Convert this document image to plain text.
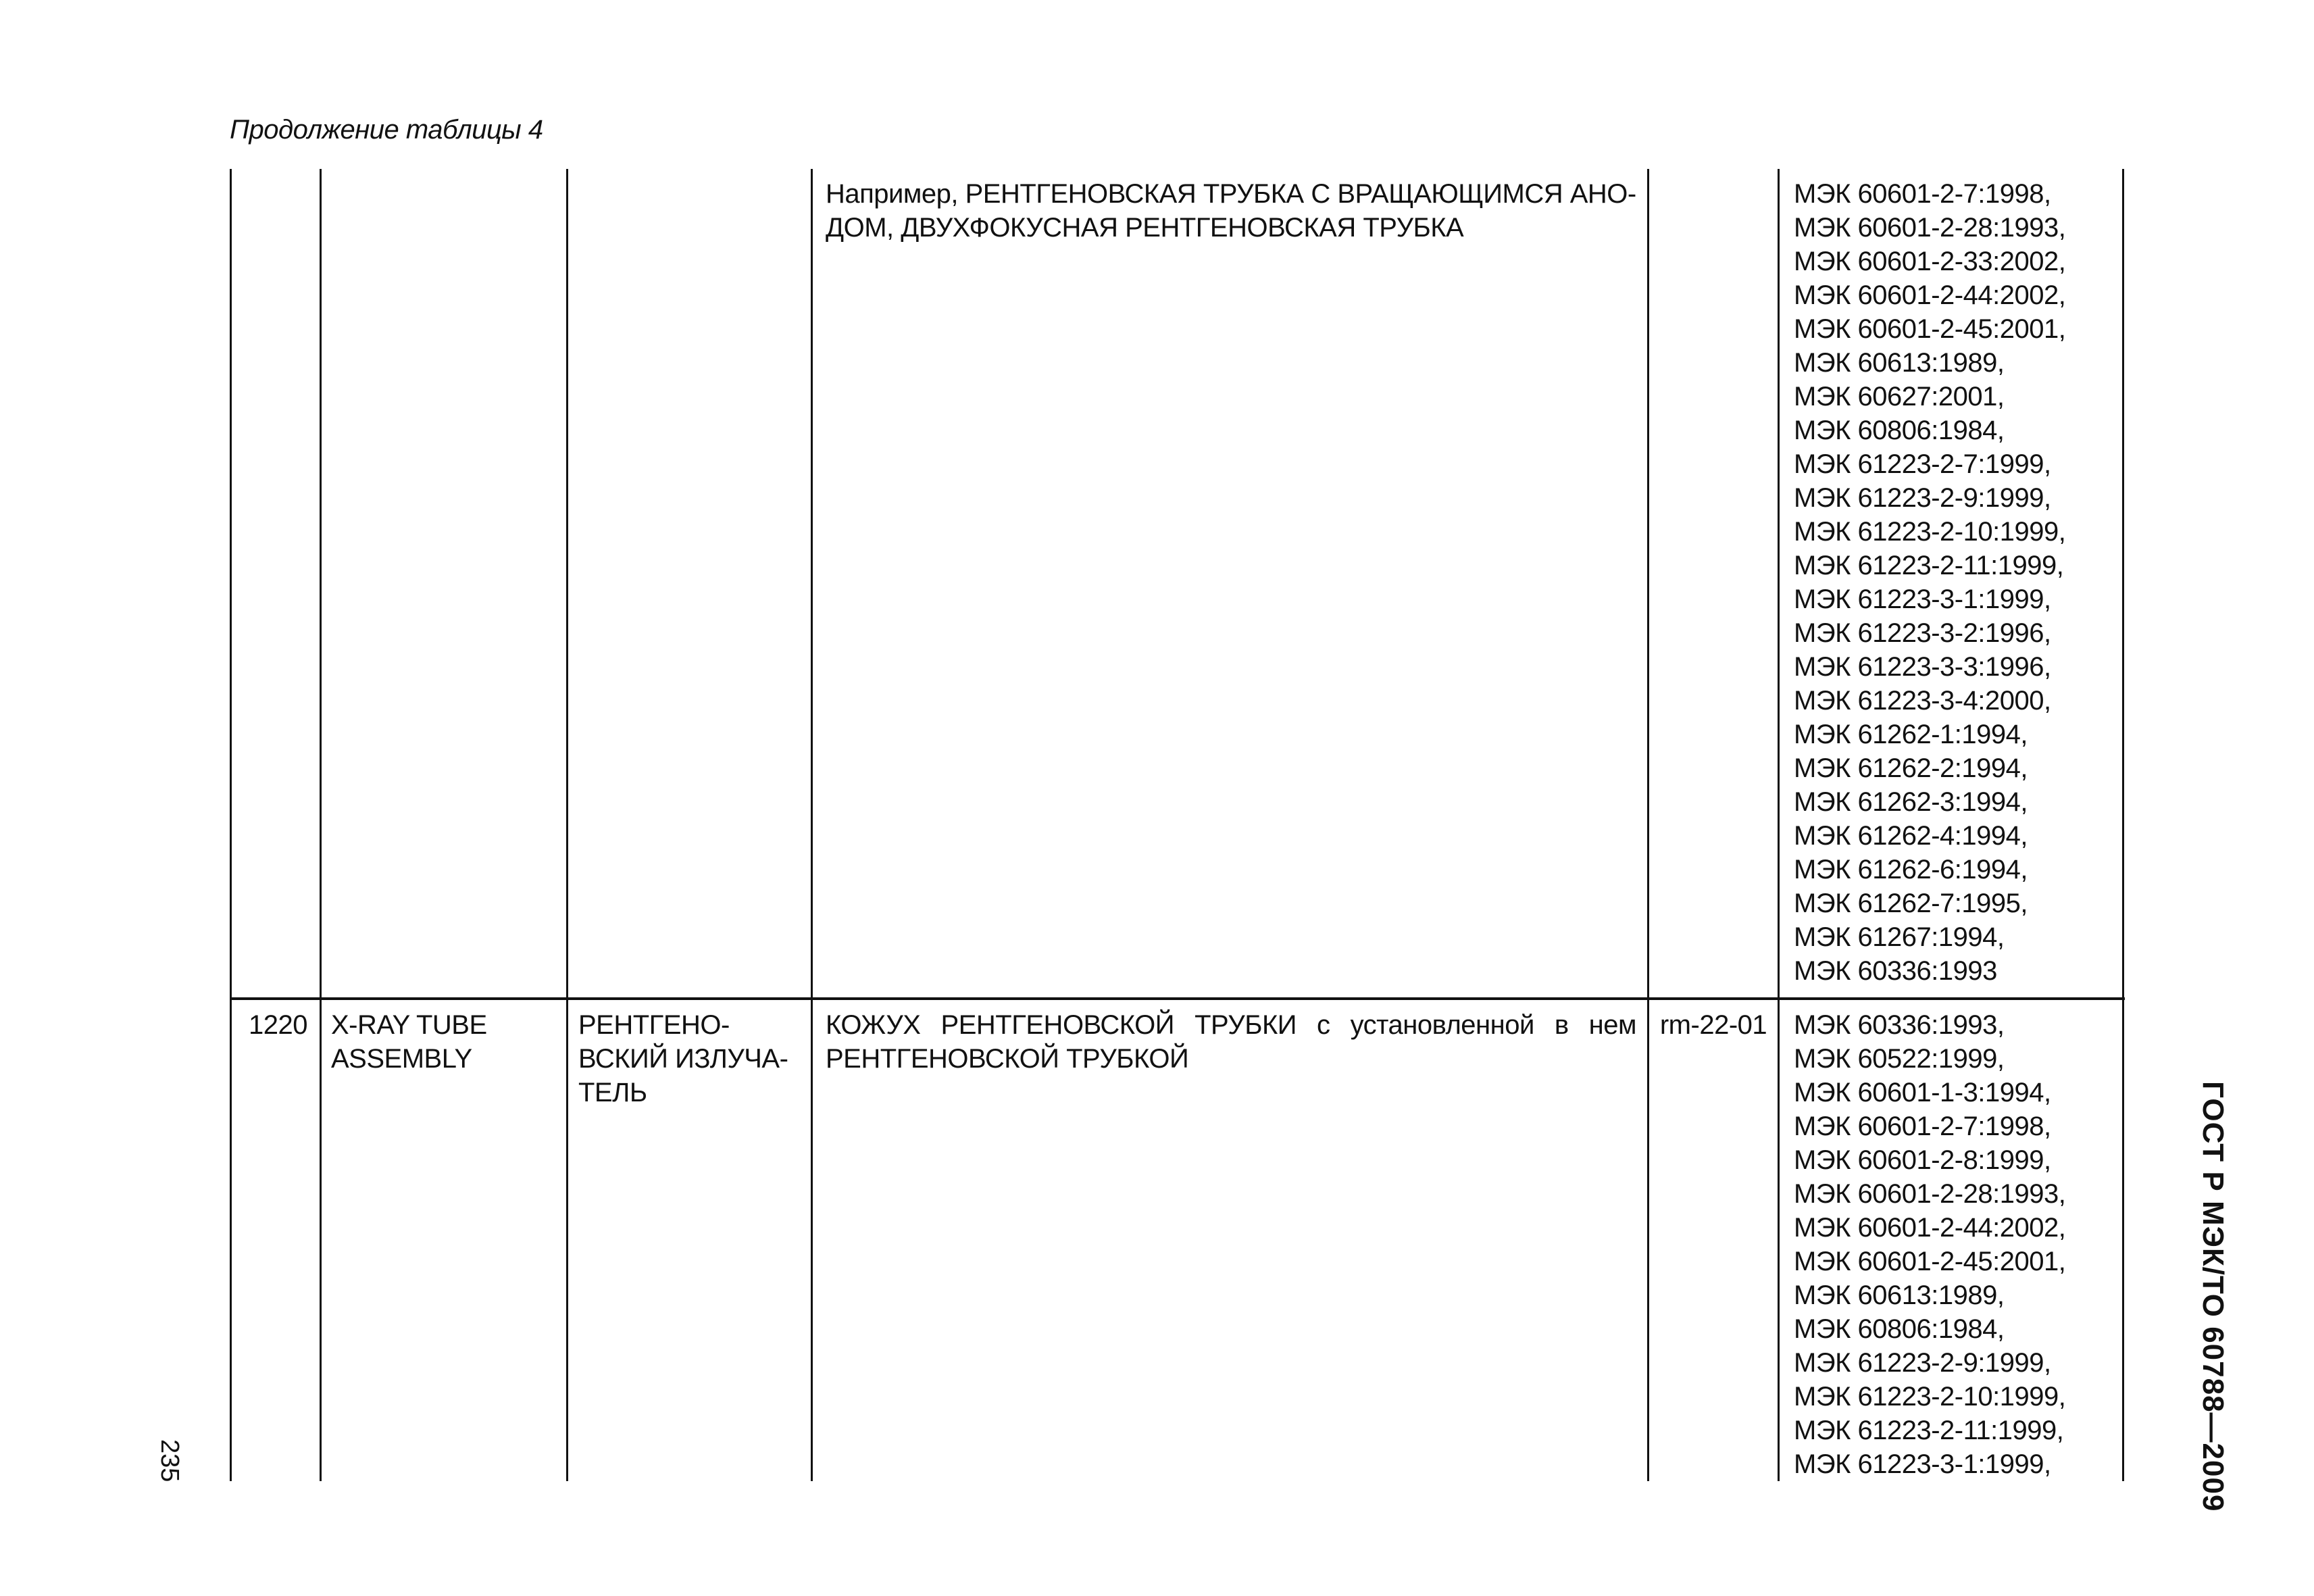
Продолжение таблицы 4
Например, РЕНТГЕНОВСКАЯ ТРУБКА С ВРАЩАЮЩИМСЯ АНО-
ДОМ, ДВУХФОКУСНАЯ РЕНТГЕНОВСКАЯ ТРУБКА
МЭК 60601-2-7:1998,
МЭК 60601-2-28:1993,
МЭК 60601-2-33:2002,
МЭК 60601-2-44:2002,
МЭК 60601-2-45:2001,
МЭК 60613:1989,
МЭК 60627:2001,
МЭК 60806:1984,
МЭК 61223-2-7:1999,
МЭК 61223-2-9:1999,
МЭК 61223-2-10:1999,
МЭК 61223-2-11:1999,
МЭК 61223-3-1:1999,
МЭК 61223-3-2:1996,
МЭК 61223-3-3:1996,
МЭК 61223-3-4:2000,
МЭК 61262-1:1994,
МЭК 61262-2:1994,
МЭК 61262-3:1994,
МЭК 61262-4:1994,
МЭК 61262-6:1994,
МЭК 61262-7:1995,
МЭК 61267:1994,
МЭК 60336:1993
1220 X-RAY TUBE
ASSEMBLY
РЕНТГЕНО-
ВСКИЙ ИЗЛУЧА-
ТЕЛЬ
КОЖУХ РЕНТГЕНОВСКОЙ ТРУБКИ с установленной в нем
РЕНТГЕНОВСКОЙ ТРУБКОЙ
rm-22-01 МЭК 60336:1993,
МЭК 60522:1999,
МЭК 60601-1-3:1994,
МЭК 60601-2-7:1998,
МЭК 60601-2-8:1999,
МЭК 60601-2-28:1993,
МЭК 60601-2-44:2002,
МЭК 60601-2-45:2001,
МЭК 60613:1989,
МЭК 60806:1984,
МЭК 61223-2-9:1999,
МЭК 61223-2-10:1999,
МЭК 61223-2-11:1999,
МЭК 61223-3-1:1999,
235	ГОСТ Р МЭК/ТО 60788—2009
